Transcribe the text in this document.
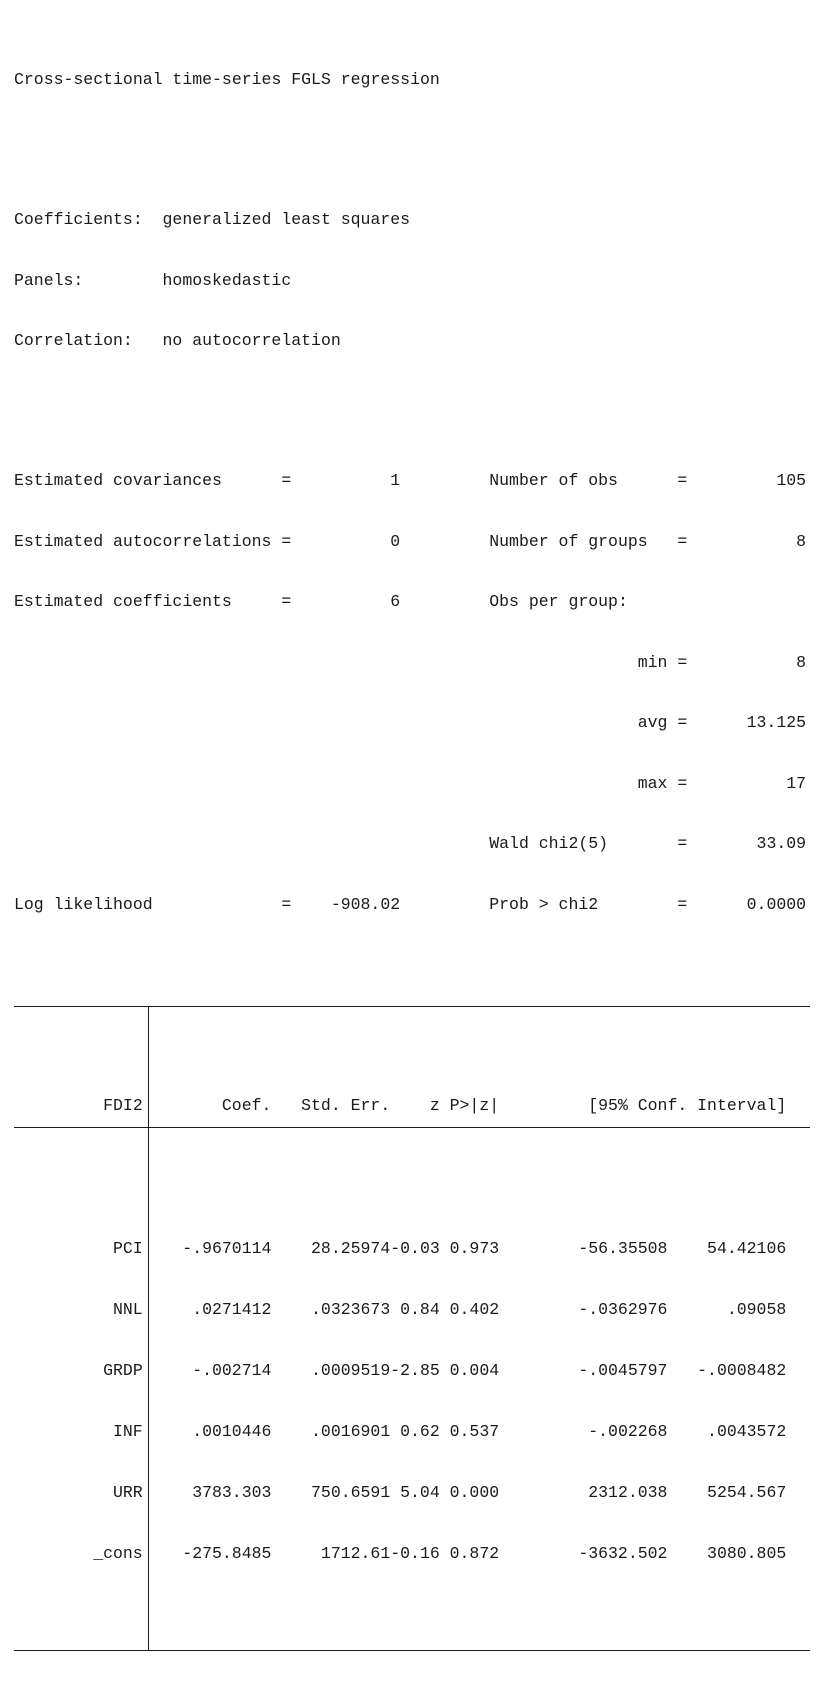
Cross-sectional time-series FGLS regression

Coefficients:	generalized least squares

Panels:	homoskedastic

Correlation:	no autocorrelation

Estimated covariances	=	1	Number of obs	=	105

Estimated autocorrelations =	0	Number of groups	=	8

Estimated coefficients	=	6	Obs per group:

min =	8

avg =	13.125

max =	17

Wald chi2(5)	=	33.09

Log likelihood	=	-908.02	Prob > chi2	=	0.0000

FDI2	Coef.	Std. Err.	z P>|z|	[95% Conf. Interval]

PCI	-.9670114	28.25974 -0.03 0.973	-56.35508	54.42106

NNL	.0271412	.0323673 0.84 0.402	-.0362976	.09058

GRDP	-.002714	.0009519 -2.85 0.004	-.0045797	-.0008482

INF	.0010446	.0016901 0.62 0.537	-.002268	.0043572

URR	3783.303	750.6591 5.04 0.000	2312.038	5254.567

_cons	-275.8485	1712.61 -0.16 0.872	-3632.502	3080.805
